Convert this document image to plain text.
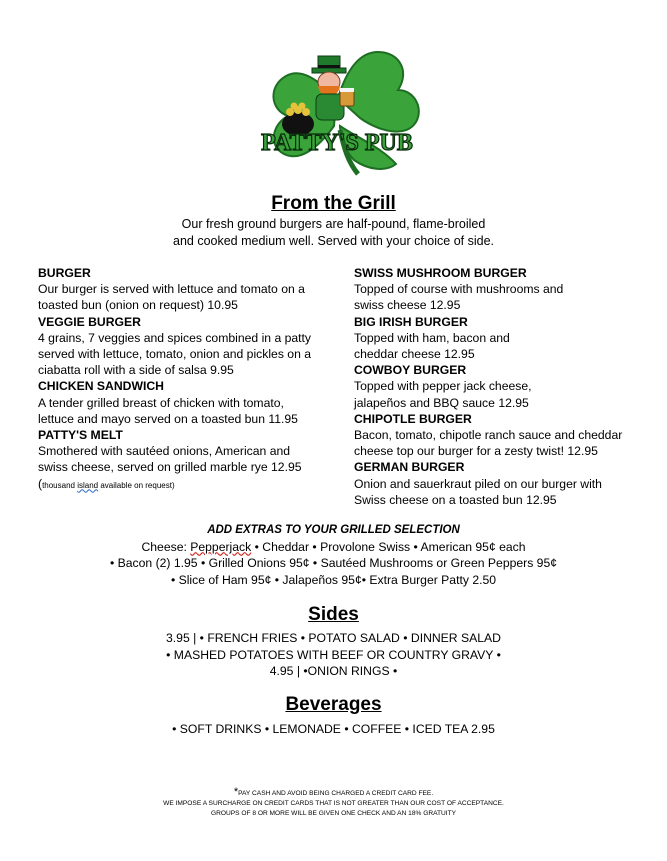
PATTY'S PUB
From the Grill
Our fresh ground burgers are half-pound, flame-broiled
and cooked medium well. Served with your choice of side.
BURGER
Our burger is served with lettuce and tomato on a
toasted bun (onion on request) 10.95
VEGGIE BURGER
4 grains, 7 veggies and spices combined in a patty
served with lettuce, tomato, onion and pickles on a
ciabatta roll with a side of salsa 9.95
CHICKEN SANDWICH
A tender grilled breast of chicken with tomato,
lettuce and mayo served on a toasted bun 11.95
PATTY'S MELT
Smothered with sautéed onions, American and
swiss cheese, served on grilled marble rye 12.95
(thousand island available on request)
SWISS MUSHROOM BURGER
Topped of course with mushrooms and
swiss cheese 12.95
BIG IRISH BURGER
Topped with ham, bacon and
cheddar cheese 12.95
COWBOY BURGER
Topped with pepper jack cheese,
jalapeños and BBQ sauce 12.95
CHIPOTLE BURGER
Bacon, tomato, chipotle ranch sauce and cheddar
cheese top our burger for a zesty twist! 12.95
GERMAN BURGER
Onion and sauerkraut piled on our burger with
Swiss cheese on a toasted bun 12.95
ADD EXTRAS TO YOUR GRILLED SELECTION
Cheese: Pepperjack • Cheddar • Provolone Swiss • American 95¢ each
• Bacon (2) 1.95 • Grilled Onions 95¢ • Sautéed Mushrooms or Green Peppers 95¢
• Slice of Ham 95¢ • Jalapeños 95¢• Extra Burger Patty 2.50
Sides
3.95 | • FRENCH FRIES • POTATO SALAD • DINNER SALAD
• MASHED POTATOES WITH BEEF OR COUNTRY GRAVY •
4.95 | •ONION RINGS •
Beverages
• SOFT DRINKS • LEMONADE • COFFEE • ICED TEA 2.95
*PAY CASH AND AVOID BEING CHARGED A CREDIT CARD FEE.
WE IMPOSE A SURCHARGE ON CREDIT CARDS THAT IS NOT GREATER THAN OUR COST OF ACCEPTANCE.
GROUPS OF 8 OR MORE WILL BE GIVEN ONE CHECK AND AN 18% GRATUITY
